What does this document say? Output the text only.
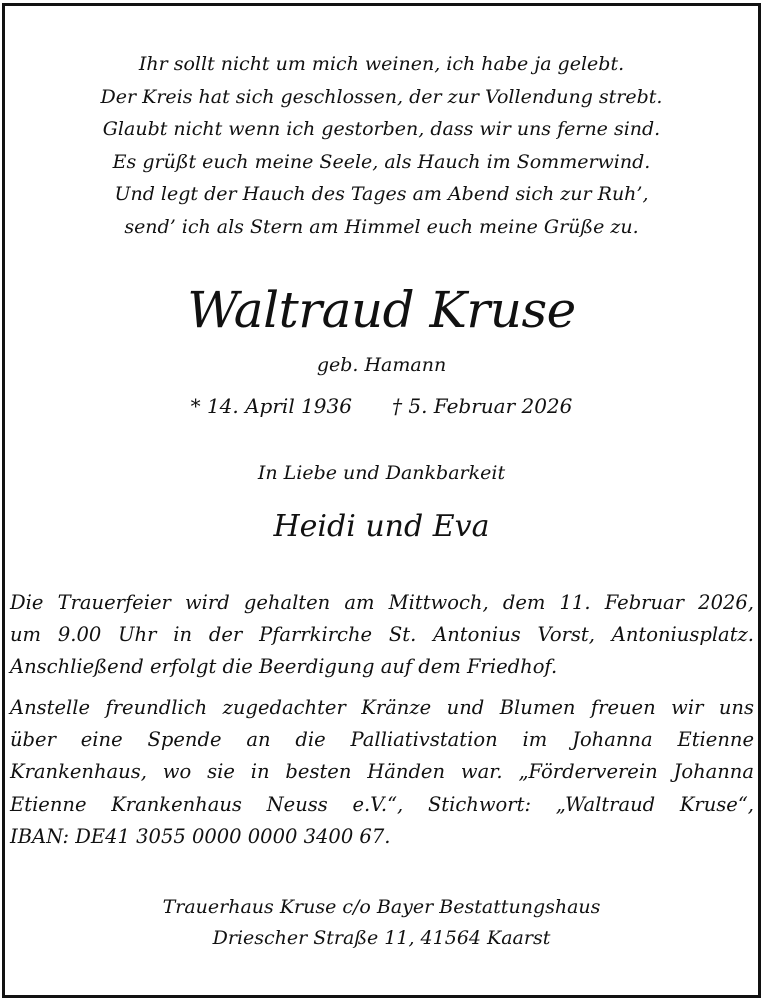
Ihr sollt nicht um mich weinen, ich habe ja gelebt.
Der Kreis hat sich geschlossen, der zur Vollendung strebt.
Glaubt nicht wenn ich gestorben, dass wir uns ferne sind.
Es grüßt euch meine Seele, als Hauch im Sommerwind.
Und legt der Hauch des Tages am Abend sich zur Ruh’,
send’ ich als Stern am Himmel euch meine Grüße zu.
Waltraud Kruse
geb. Hamann
* 14. April 1936 † 5. Februar 2026
In Liebe und Dankbarkeit
Heidi und Eva
Die Trauerfeier wird gehalten am Mittwoch, dem 11. Februar 2026,
um 9.00 Uhr in der Pfarrkirche St. Antonius Vorst, Antoniusplatz.
Anschließend erfolgt die Beerdigung auf dem Friedhof.
Anstelle freundlich zugedachter Kränze und Blumen freuen wir uns
über eine Spende an die Palliativstation im Johanna Etienne
Krankenhaus, wo sie in besten Händen war. „Förderverein Johanna
Etienne Krankenhaus Neuss e.V.“, Stichwort: „Waltraud Kruse“,
IBAN: DE41 3055 0000 0000 3400 67.
Trauerhaus Kruse c/o Bayer Bestattungshaus
Driescher Straße 11, 41564 Kaarst
